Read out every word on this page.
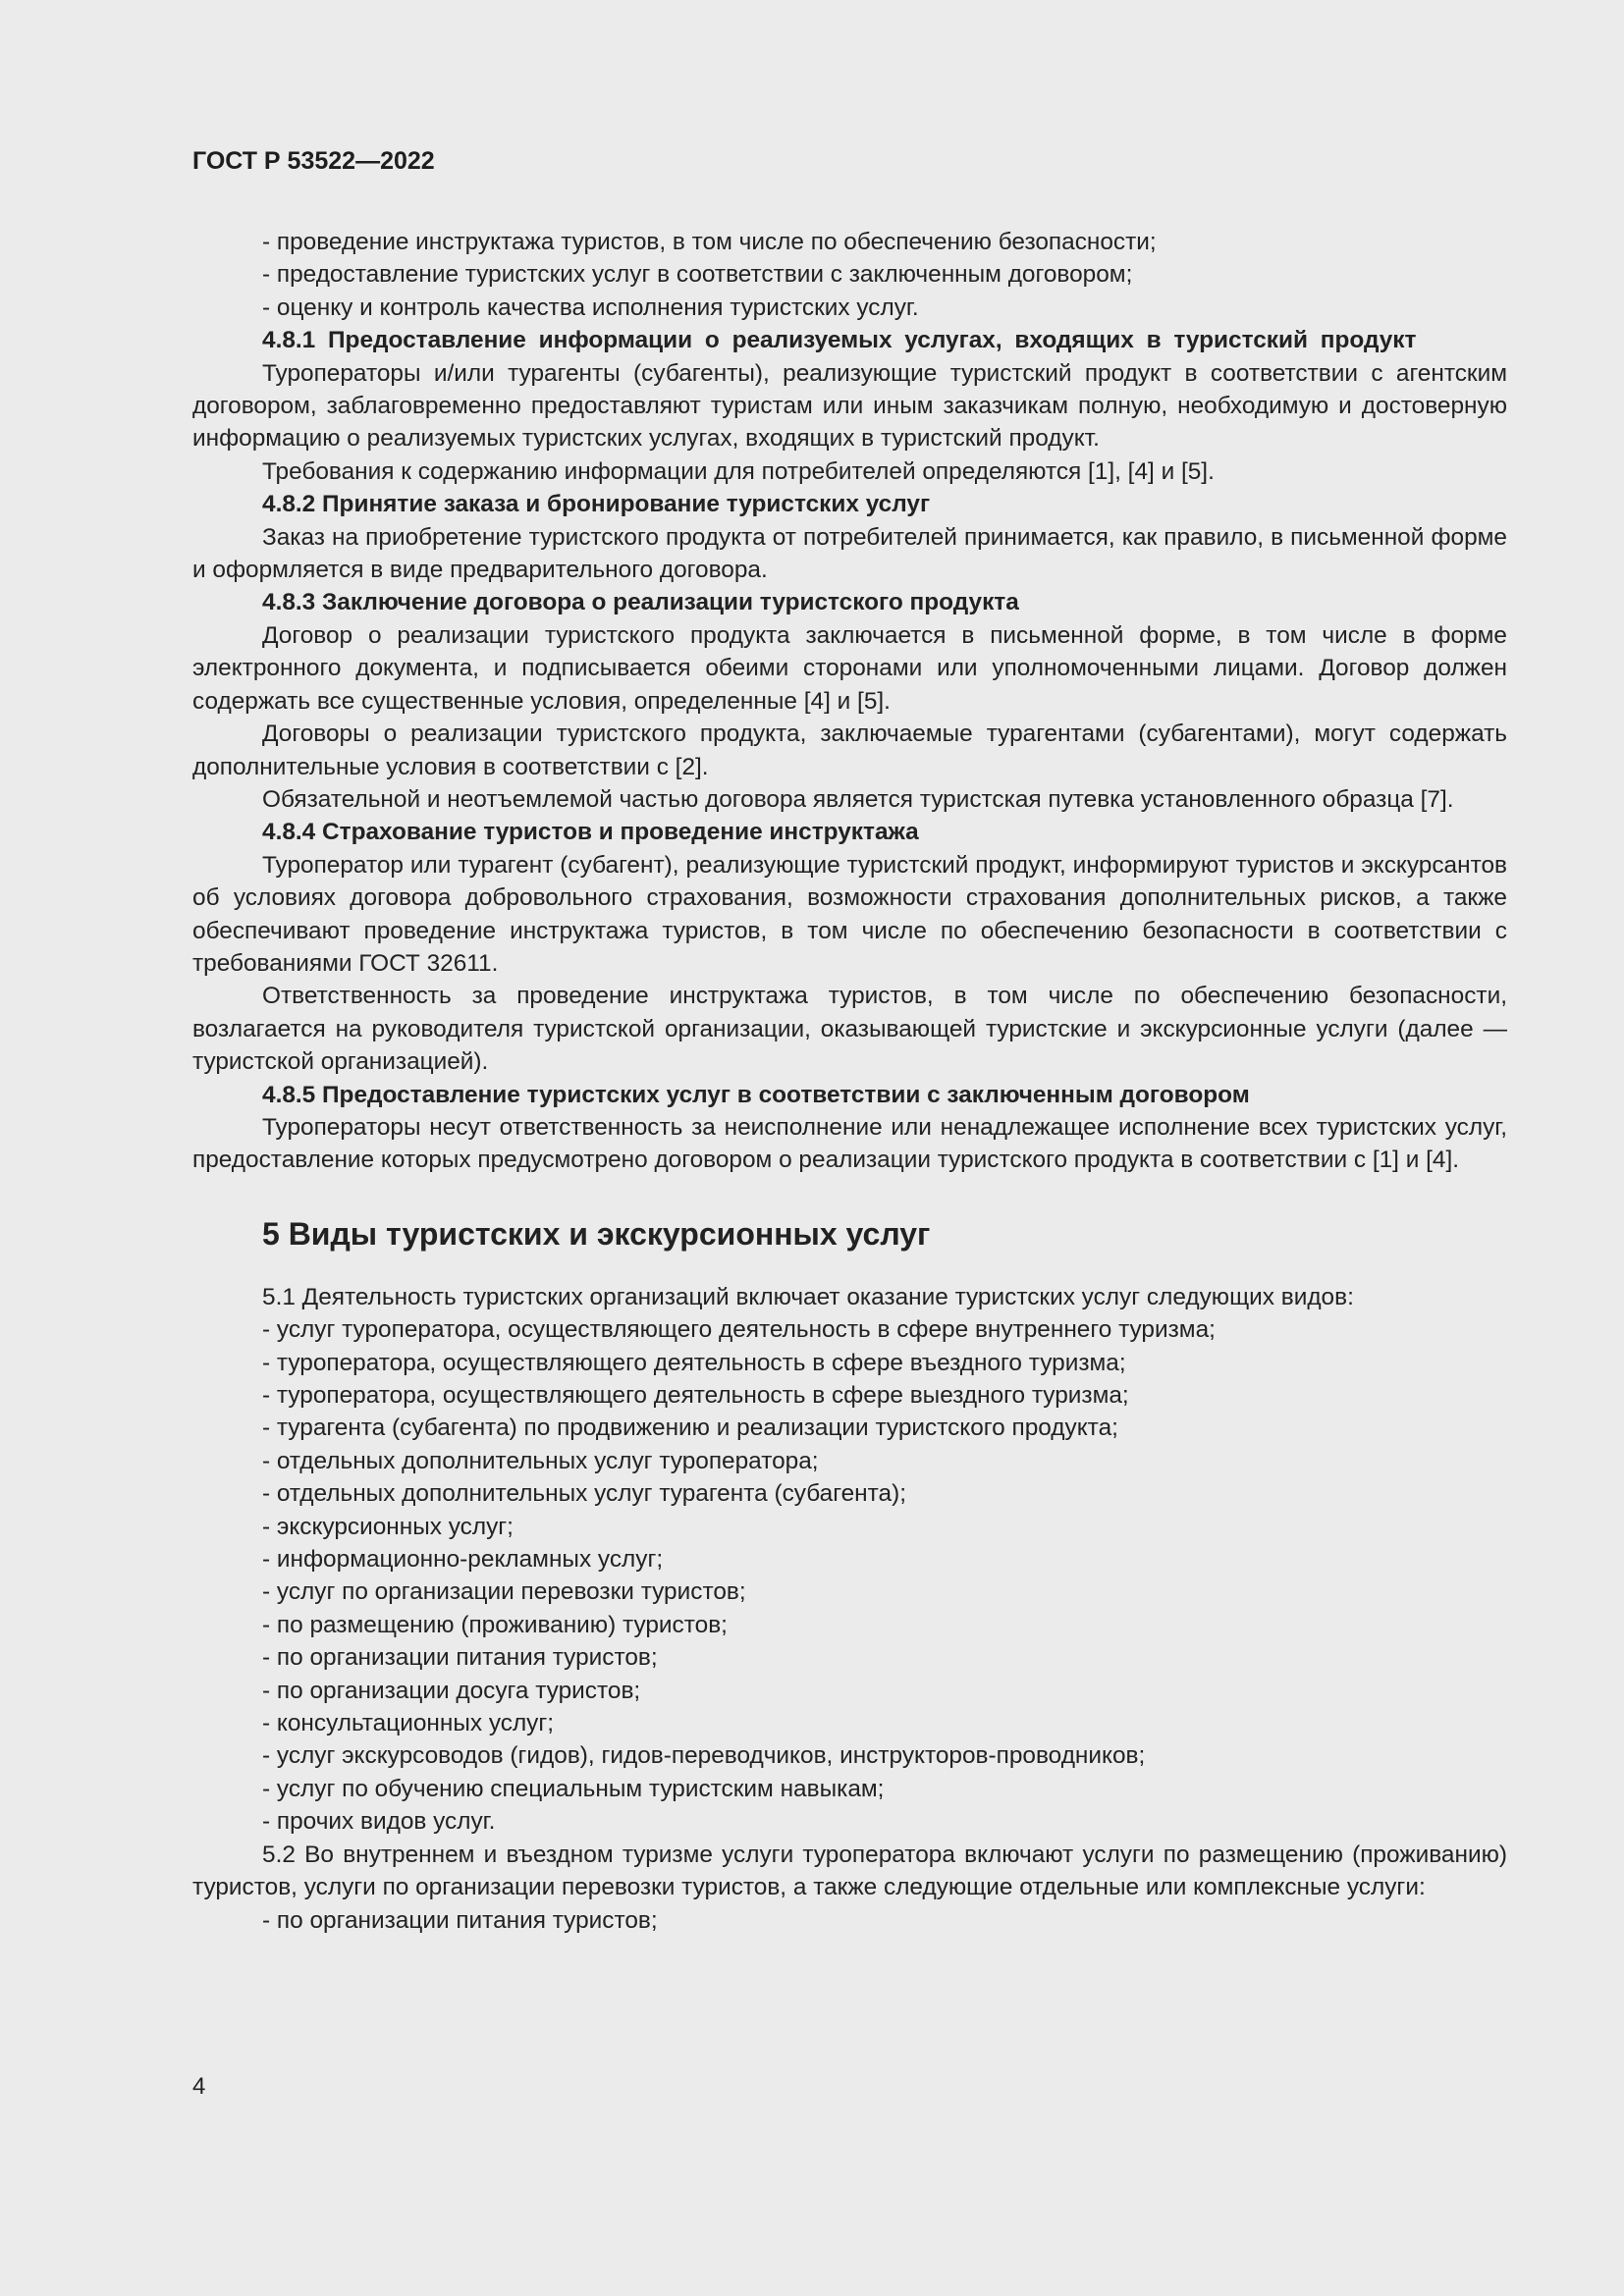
ГОСТ Р 53522—2022
- проведение инструктажа туристов, в том числе по обеспечению безопасности;
- предоставление туристских услуг в соответствии с заключенным договором;
- оценку и контроль качества исполнения туристских услуг.
4.8.1 Предоставление информации о реализуемых услугах, входящих в туристский продукт
Туроператоры и/или турагенты (субагенты), реализующие туристский продукт в соответствии с агентским договором, заблаговременно предоставляют туристам или иным заказчикам полную, необходимую и достоверную информацию о реализуемых туристских услугах, входящих в туристский продукт.
Требования к содержанию информации для потребителей определяются [1], [4] и [5].
4.8.2 Принятие заказа и бронирование туристских услуг
Заказ на приобретение туристского продукта от потребителей принимается, как правило, в письменной форме и оформляется в виде предварительного договора.
4.8.3 Заключение договора о реализации туристского продукта
Договор о реализации туристского продукта заключается в письменной форме, в том числе в форме электронного документа, и подписывается обеими сторонами или уполномоченными лицами. Договор должен содержать все существенные условия, определенные [4] и [5].
Договоры о реализации туристского продукта, заключаемые турагентами (субагентами), могут содержать дополнительные условия в соответствии с [2].
Обязательной и неотъемлемой частью договора является туристская путевка установленного образца [7].
4.8.4 Страхование туристов и проведение инструктажа
Туроператор или турагент (субагент), реализующие туристский продукт, информируют туристов и экскурсантов об условиях договора добровольного страхования, возможности страхования дополнительных рисков, а также обеспечивают проведение инструктажа туристов, в том числе по обеспечению безопасности в соответствии с требованиями ГОСТ 32611.
Ответственность за проведение инструктажа туристов, в том числе по обеспечению безопасности, возлагается на руководителя туристской организации, оказывающей туристские и экскурсионные услуги (далее — туристской организацией).
4.8.5 Предоставление туристских услуг в соответствии с заключенным договором
Туроператоры несут ответственность за неисполнение или ненадлежащее исполнение всех туристских услуг, предоставление которых предусмотрено договором о реализации туристского продукта в соответствии с [1] и [4].
5 Виды туристских и экскурсионных услуг
5.1 Деятельность туристских организаций включает оказание туристских услуг следующих видов:
- услуг туроператора, осуществляющего деятельность в сфере внутреннего туризма;
- туроператора, осуществляющего деятельность в сфере въездного туризма;
- туроператора, осуществляющего деятельность в сфере выездного туризма;
- турагента (субагента) по продвижению и реализации туристского продукта;
- отдельных дополнительных услуг туроператора;
- отдельных дополнительных услуг турагента (субагента);
- экскурсионных услуг;
- информационно-рекламных услуг;
- услуг по организации перевозки туристов;
- по размещению (проживанию) туристов;
- по организации питания туристов;
- по организации досуга туристов;
- консультационных услуг;
- услуг экскурсоводов (гидов), гидов-переводчиков, инструкторов-проводников;
- услуг по обучению специальным туристским навыкам;
- прочих видов услуг.
5.2 Во внутреннем и въездном туризме услуги туроператора включают услуги по размещению (проживанию) туристов, услуги по организации перевозки туристов, а также следующие отдельные или комплексные услуги:
- по организации питания туристов;
4
